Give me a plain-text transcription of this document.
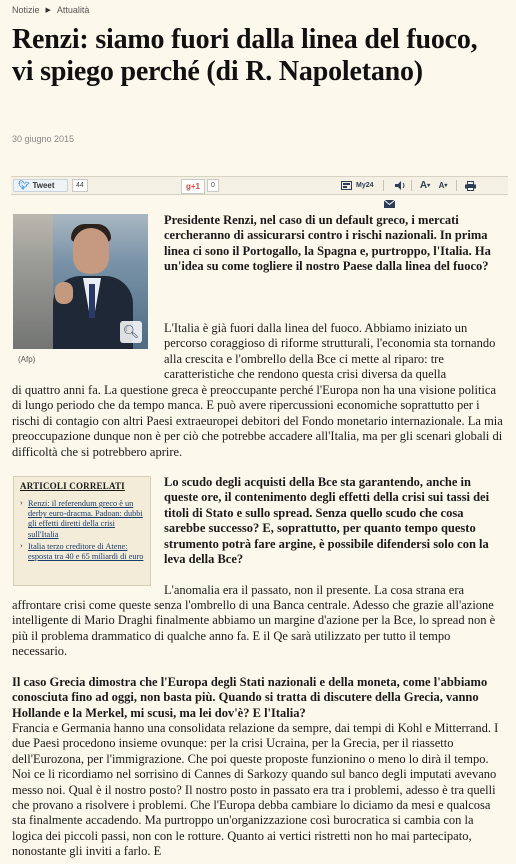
Notizie ▶ Attualità
Renzi: siamo fuori dalla linea del fuoco, vi spiego perché (di R. Napoletano)
30 giugno 2015
🐦︎ Tweet	44	g+1	0	My24	A ▾ A ▾
🔍︎
(Afp)

Presidente Renzi, nel caso di un default greco, i mercati cercheranno di assicurarsi contro i rischi nazionali. In prima linea ci sono il Portogallo, la Spagna e, purtroppo, l'Italia. Ha un'idea su come togliere il nostro Paese dalla linea del fuoco?

L'Italia è già fuori dalla linea del fuoco. Abbiamo iniziato un percorso coraggioso di riforme strutturali, l'economia sta tornando alla crescita e l'ombrello della Bce ci mette al riparo: tre caratteristiche che rendono questa crisi diversa da quella

di quattro anni fa. La questione greca è preoccupante perché l'Europa non ha una visione politica di lungo periodo che da tempo manca. E può avere ripercussioni economiche soprattutto per i rischi di contagio con altri Paesi extraeuropei debitori del Fondo monetario internazionale. La mia preoccupazione dunque non è per ciò che potrebbe accadere all'Italia, ma per gli scenari globali di difficoltà che si potrebbero aprire.

ARTICOLI CORRELATI
› Renzi: il referendum greco è un derby euro-dracma. Padoan: dubbi gli effetti diretti della crisi sull'Italia
› Italia terzo creditore di Atene: esposta tra 40 e 65 miliardi di euro

Lo scudo degli acquisti della Bce sta garantendo, anche in queste ore, il contenimento degli effetti della crisi sui tassi dei titoli di Stato e sullo spread. Senza quello scudo che cosa sarebbe successo? E, soprattutto, per quanto tempo questo strumento potrà fare argine, è possibile difendersi solo con la leva della Bce?

L'anomalia era il passato, non il presente. La cosa strana era

affrontare crisi come queste senza l'ombrello di una Banca centrale. Adesso che grazie all'azione intelligente di Mario Draghi finalmente abbiamo un margine d'azione per la Bce, lo spread non è più il problema drammatico di qualche anno fa. E il Qe sarà utilizzato per tutto il tempo necessario.

Il caso Grecia dimostra che l'Europa degli Stati nazionali e della moneta, come l'abbiamo conosciuta fino ad oggi, non basta più. Quando si tratta di discutere della Grecia, vanno Hollande e la Merkel, mi scusi, ma lei dov'è? E l'Italia?

Francia e Germania hanno una consolidata relazione da sempre, dai tempi di Kohl e Mitterrand. I due Paesi procedono insieme ovunque: per la crisi Ucraina, per la Grecia, per il riassetto dell'Eurozona, per l'immigrazione. Che poi queste proposte funzionino o meno lo dirà il tempo. Noi ce li ricordiamo nel sorrisino di Cannes di Sarkozy quando sul banco degli imputati avevano messo noi. Qual è il nostro posto? Il nostro posto in passato era tra i problemi, adesso è tra quelli che provano a risolvere i problemi. Che l'Europa debba cambiare lo diciamo da mesi e qualcosa sta finalmente accadendo. Ma purtroppo un'organizzazione così burocratica si cambia con la logica dei piccoli passi, non con le rotture. Quanto ai vertici ristretti non ho mai partecipato, nonostante gli inviti a farlo. E
